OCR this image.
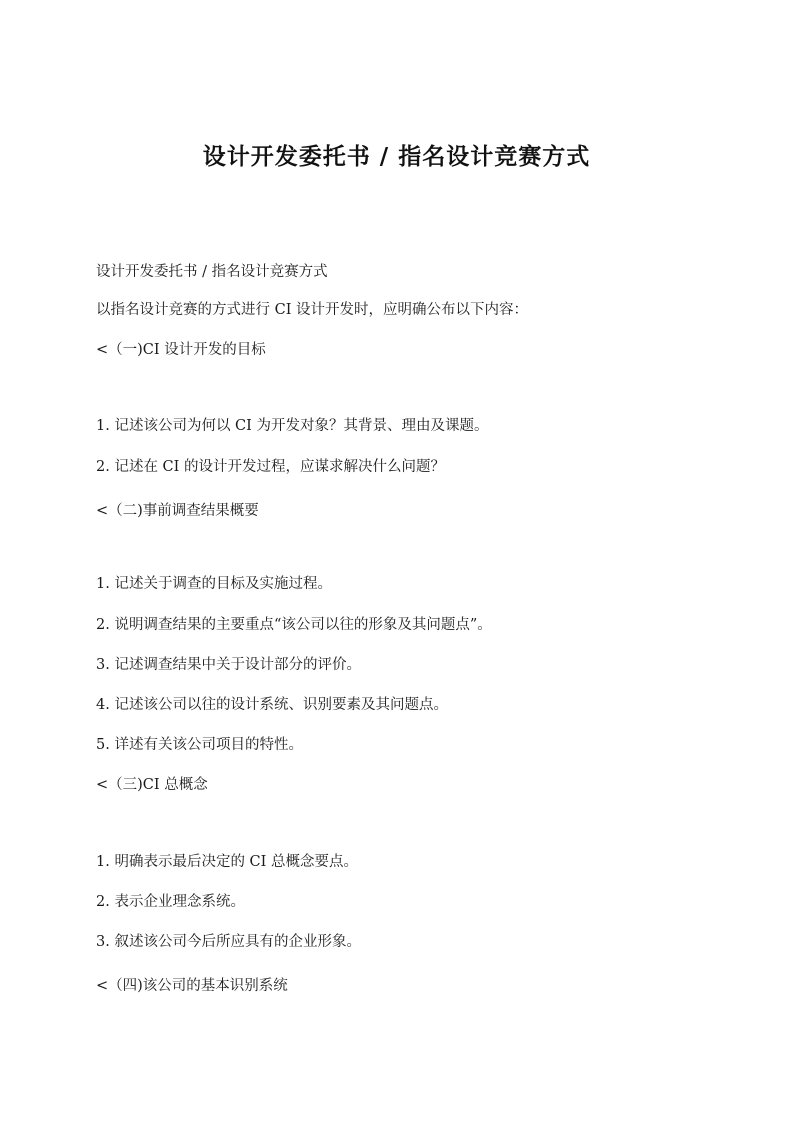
设计开发委托书 / 指名设计竞赛方式
设计开发委托书 / 指名设计竞赛方式
以指名设计竞赛的方式进行 CI 设计开发时，应明确公布以下内容：
<（一)CI 设计开发的目标
1. 记述该公司为何以 CI 为开发对象？其背景、理由及课题。
2. 记述在 CI 的设计开发过程，应谋求解决什么问题？
<（二)事前调查结果概要
1. 记述关于调查的目标及实施过程。
2. 说明调查结果的主要重点“该公司以往的形象及其问题点”。
3. 记述调查结果中关于设计部分的评价。
4. 记述该公司以往的设计系统、识别要素及其问题点。
5. 详述有关该公司项目的特性。
<（三)CI 总概念
1. 明确表示最后决定的 CI 总概念要点。
2. 表示企业理念系统。
3. 叙述该公司今后所应具有的企业形象。
<（四)该公司的基本识别系统
